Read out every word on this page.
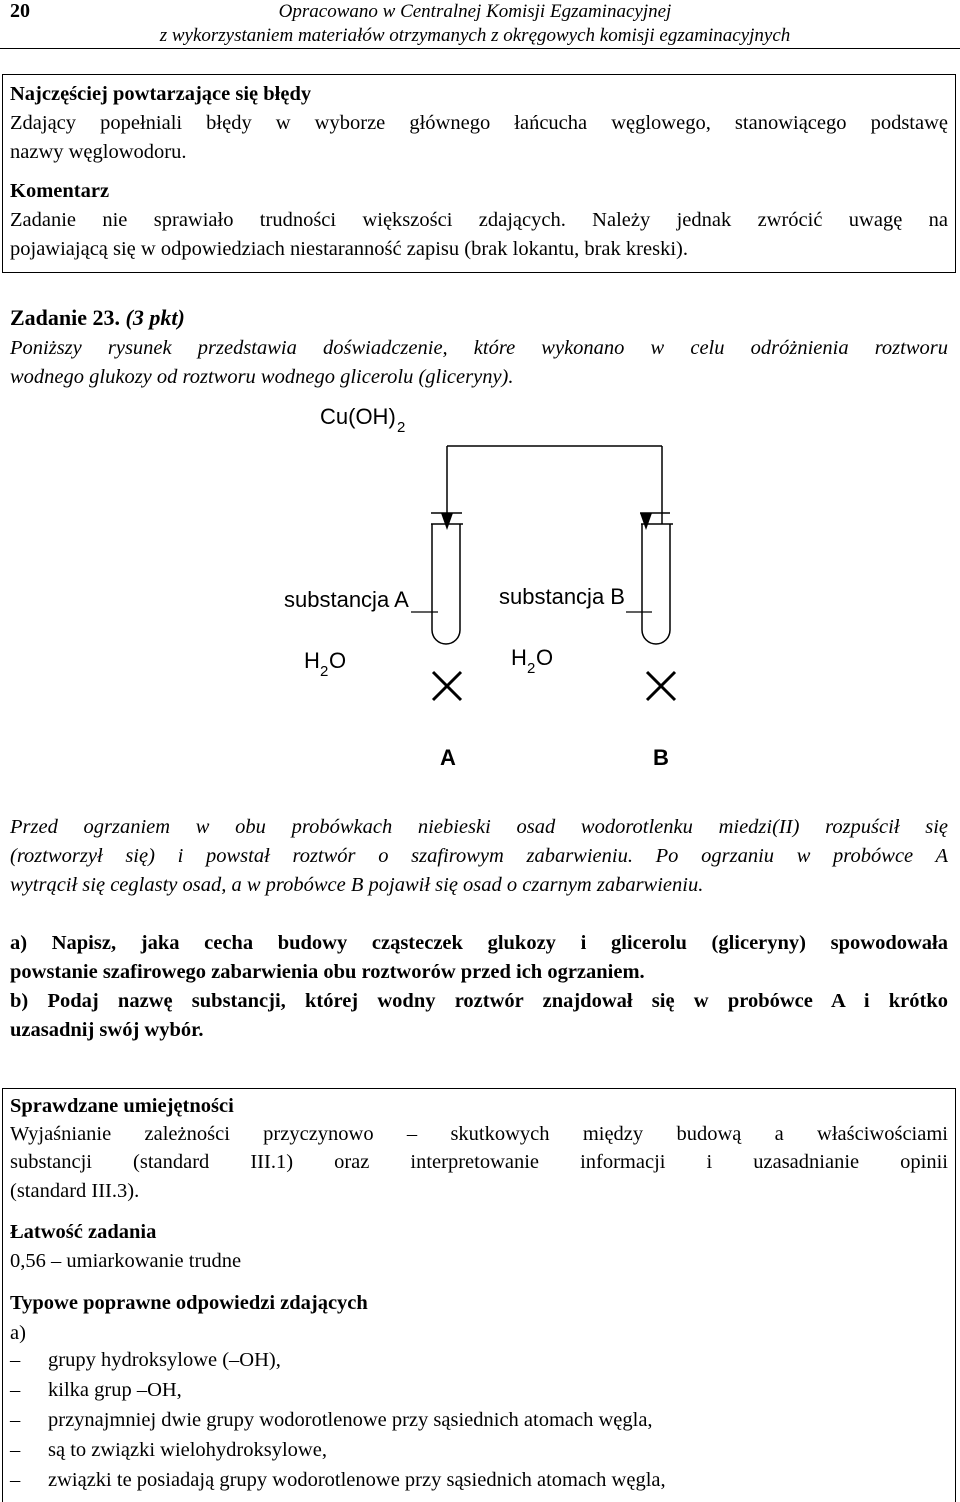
20	Opracowano w Centralnej Komisji Egzaminacyjnej
z wykorzystaniem materiałów otrzymanych z okręgowych komisji egzaminacyjnych
Najczęściej powtarzające się błędy
Zdający popełniali błędy w wyborze głównego łańcucha węglowego, stanowiącego podstawę
nazwy węglowodoru.
Komentarz
Zadanie nie sprawiało trudności większości zdających. Należy jednak zwrócić uwagę na
pojawiającą się w odpowiedziach niestaranność zapisu (brak lokantu, brak kreski).
Zadanie 23. (3 pkt)
Poniższy rysunek przedstawia doświadczenie, które wykonano w celu odróżnienia roztworu
wodnego glukozy od roztworu wodnego glicerolu (gliceryny).
Cu(OH) 2
substancja A	substancja B
H 2 O	H 2 O
A	B
Przed ogrzaniem w obu probówkach niebieski osad wodorotlenku miedzi(II) rozpuścił się
(roztworzył się) i powstał roztwór o szafirowym zabarwieniu. Po ogrzaniu w probówce A
wytrącił się ceglasty osad, a w probówce B pojawił się osad o czarnym zabarwieniu.
a) Napisz, jaka cecha budowy cząsteczek glukozy i glicerolu (gliceryny) spowodowała
powstanie szafirowego zabarwienia obu roztworów przed ich ogrzaniem.
b) Podaj nazwę substancji, której wodny roztwór znajdował się w probówce A i krótko
uzasadnij swój wybór.
Sprawdzane umiejętności
Wyjaśnianie zależności przyczynowo – skutkowych między budową a właściwościami
substancji (standard III.1) oraz interpretowanie informacji i uzasadnianie opinii
(standard III.3).
Łatwość zadania
0,56 – umiarkowanie trudne
Typowe poprawne odpowiedzi zdających
a)
– grupy hydroksylowe (–OH),
– kilka grup –OH,
– przynajmniej dwie grupy wodorotlenowe przy sąsiednich atomach węgla,
– są to związki wielohydroksylowe,
– związki te posiadają grupy wodorotlenowe przy sąsiednich atomach węgla,
